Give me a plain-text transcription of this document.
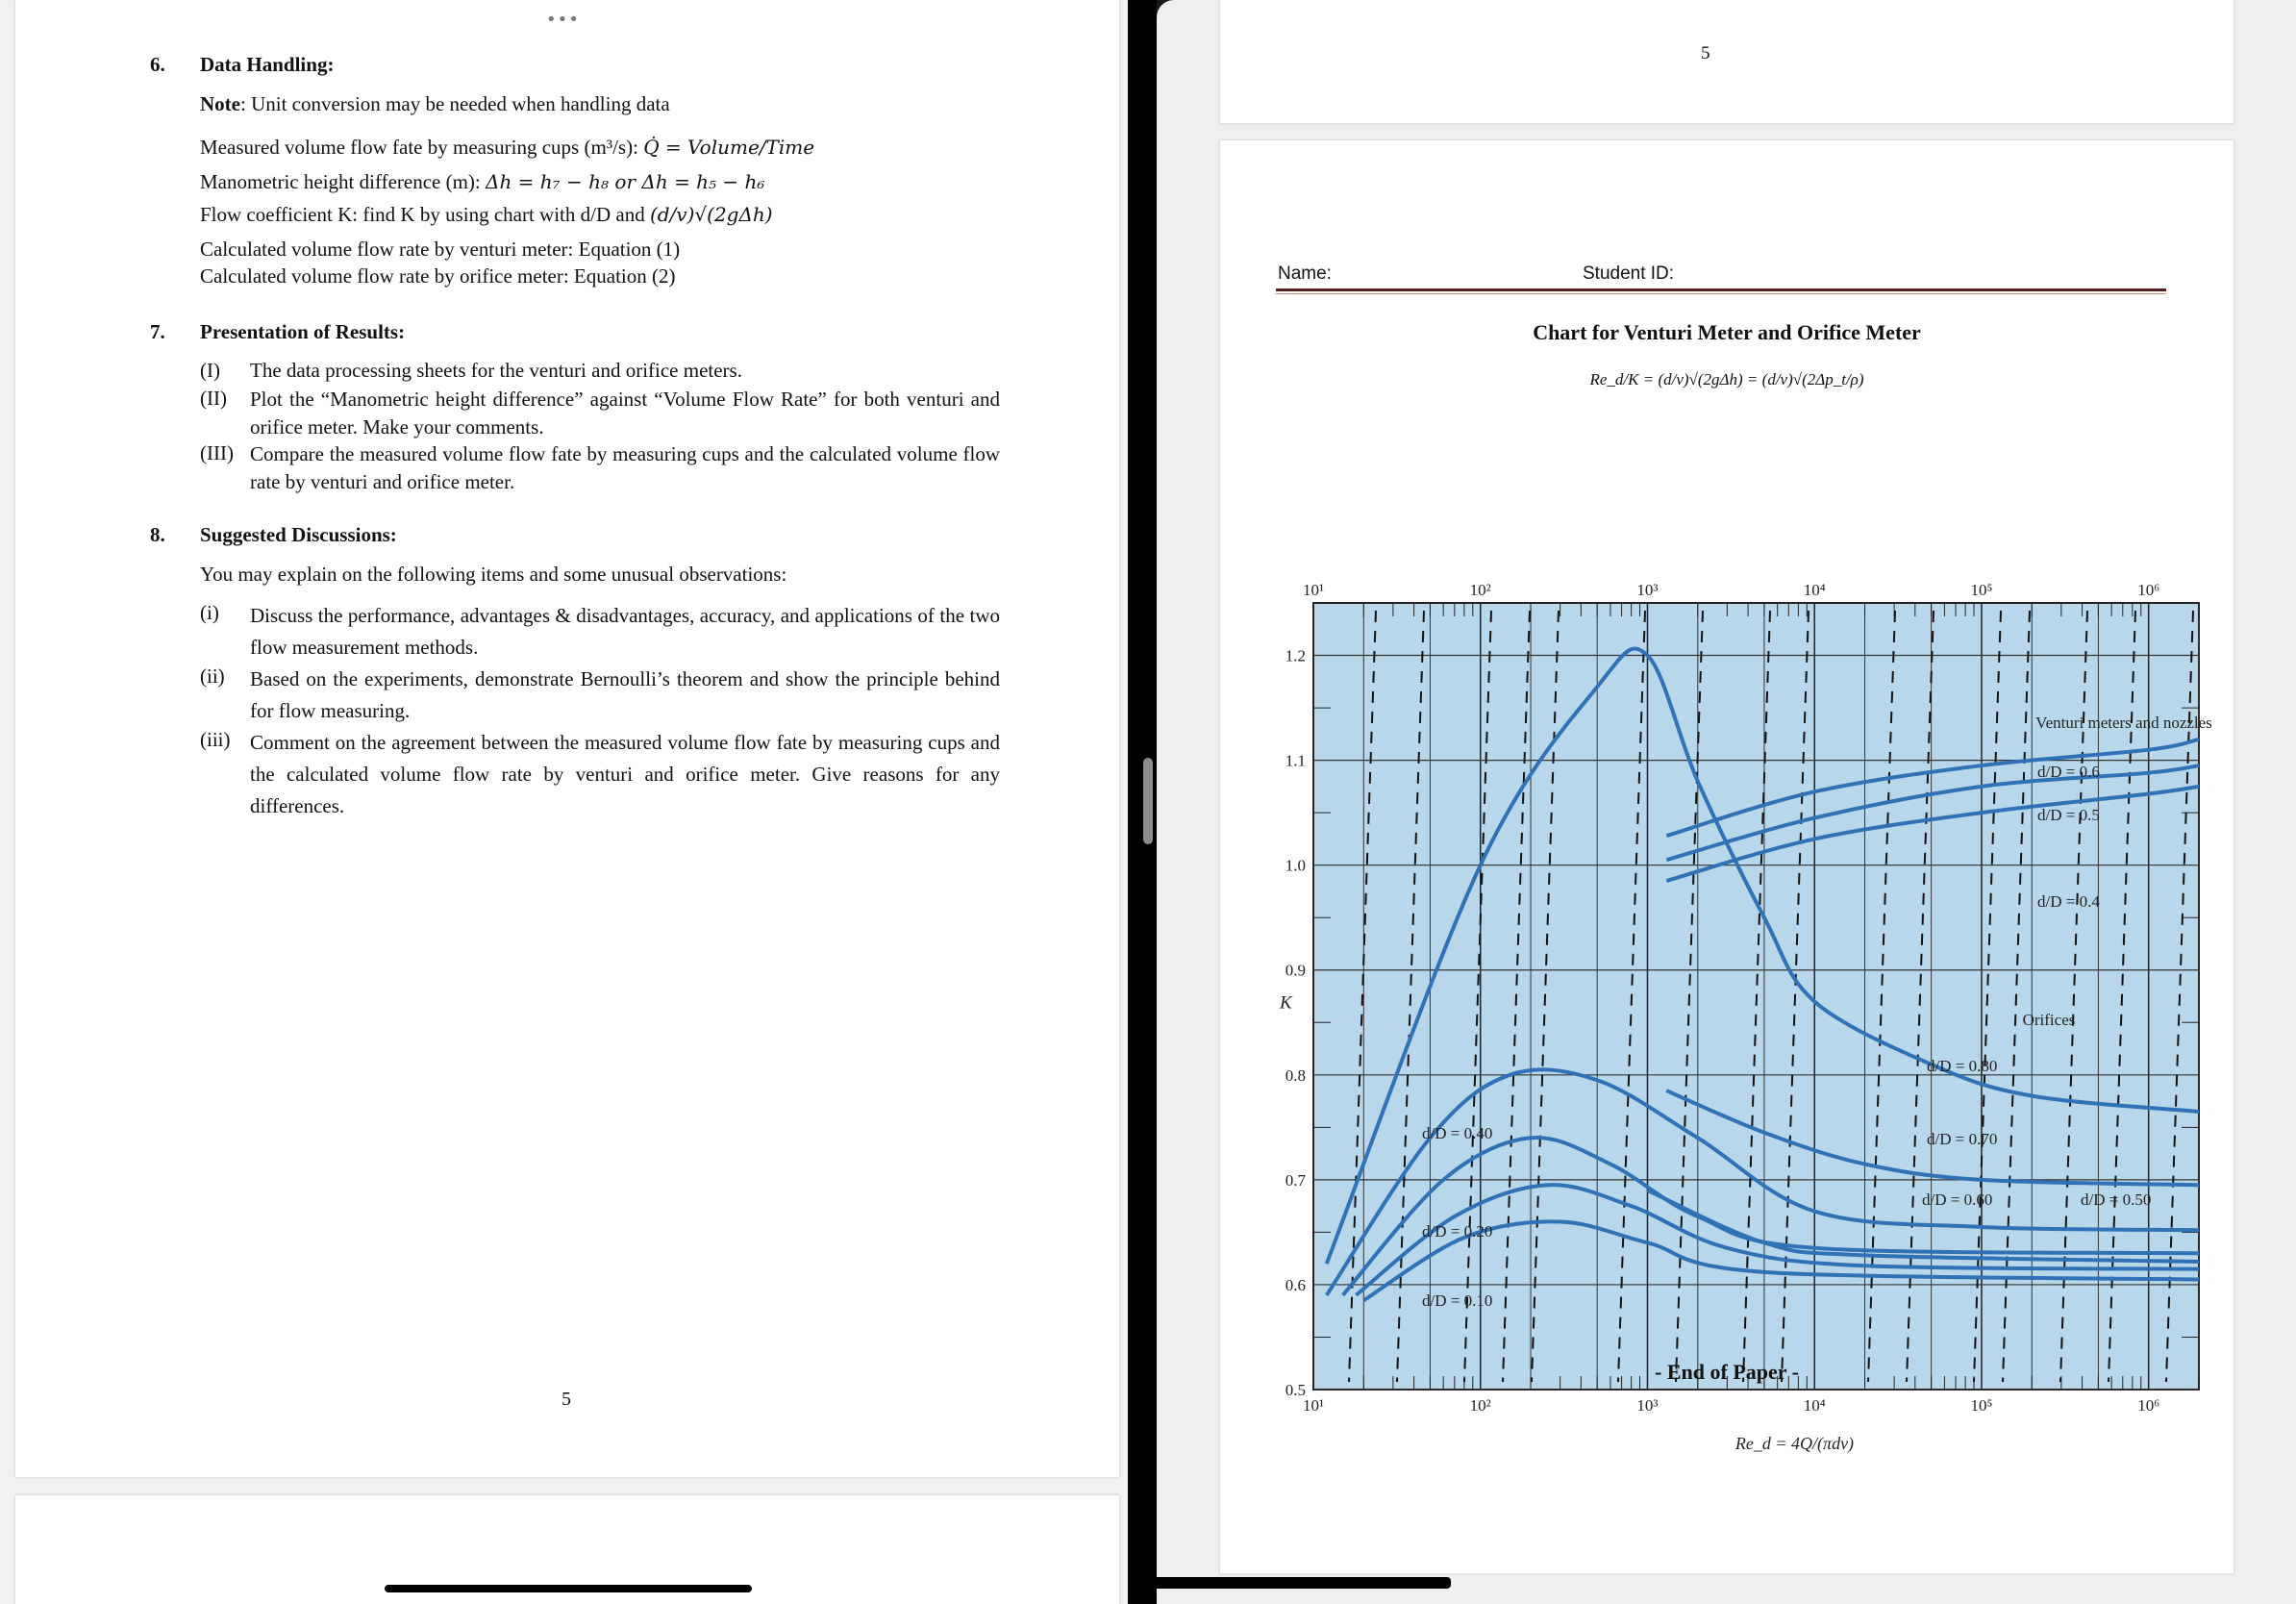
•••
6. Data Handling:
Note: Unit conversion may be needed when handling data
Measured volume flow fate by measuring cups (m³/s): Q̇ = Volume/Time
Manometric height difference (m): Δh = h₇ − h₈ or Δh = h₅ − h₆
Flow coefficient K: find K by using chart with d/D and (d/v)√(2gΔh)
Calculated volume flow rate by venturi meter: Equation (1)
Calculated volume flow rate by orifice meter: Equation (2)
7. Presentation of Results:
(I) The data processing sheets for the venturi and orifice meters.
(II) Plot the “Manometric height difference” against “Volume Flow Rate” for both venturi and orifice meter. Make your comments.
(III) Compare the measured volume flow fate by measuring cups and the calculated volume flow rate by venturi and orifice meter.
8. Suggested Discussions:
You may explain on the following items and some unusual observations:
(i) Discuss the performance, advantages & disadvantages, accuracy, and applications of the two flow measurement methods.
(ii) Based on the experiments, demonstrate Bernoulli’s theorem and show the principle behind for flow measuring.
(iii) Comment on the agreement between the measured volume flow fate by measuring cups and the calculated volume flow rate by venturi and orifice meter. Give reasons for any differences.
5
5
Name:	Student ID:
Chart for Venturi Meter and Orifice Meter
Re_d/K = (d/v)√(2gΔh) = (d/v)√(2Δp_t/ρ)
0.5
0.6
0.7
0.8
0.9
1.0
1.1
1.2
10¹	10²	10³	10⁴	10⁵	10⁶
10¹	10²	10³	10⁴	10⁵	10⁶
K
Re_d = 4Q/(πdv)
Venturi meters and nozzles
d/D = 0.6
d/D = 0.5
d/D = 0.4
Orifices
d/D = 0.80
d/D = 0.70
d/D = 0.60	d/D = 0.50
d/D = 0.40
d/D = 0.20
d/D = 0.10
- End of Paper -
